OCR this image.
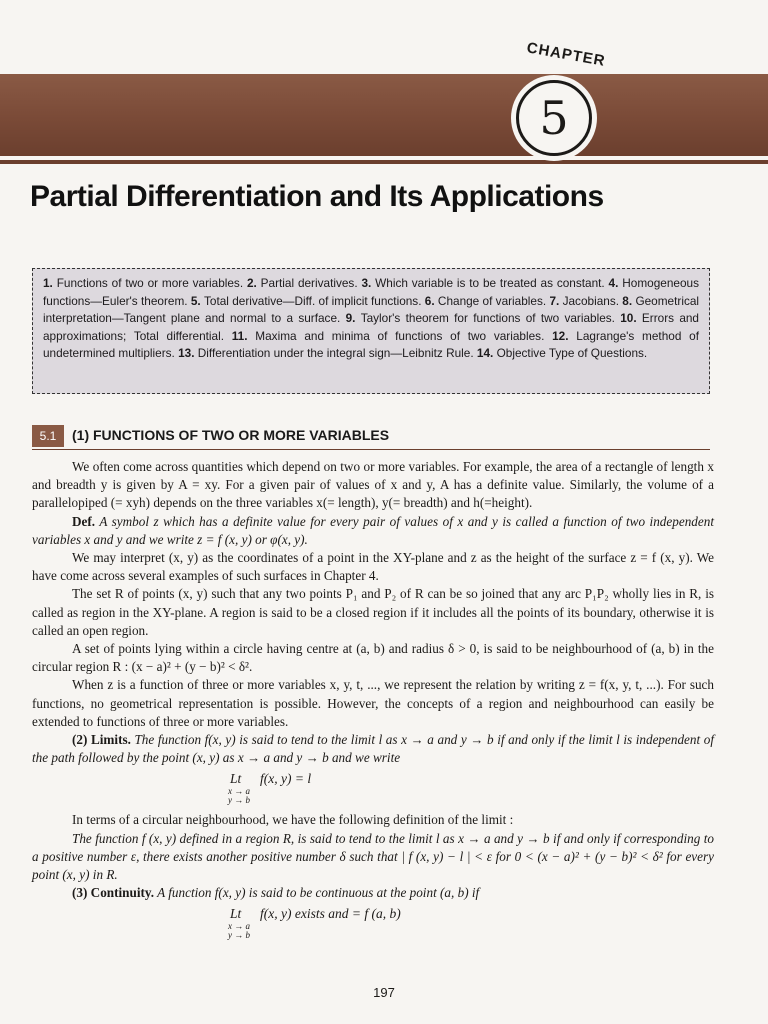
CHAPTER
5
Partial Differentiation and Its Applications
1. Functions of two or more variables. 2. Partial derivatives. 3. Which variable is to be treated as constant. 4. Homogeneous functions—Euler's theorem. 5. Total derivative—Diff. of implicit functions. 6. Change of variables. 7. Jacobians. 8. Geometrical interpretation—Tangent plane and normal to a surface. 9. Taylor's theorem for functions of two variables. 10. Errors and approximations; Total differential. 11. Maxima and minima of functions of two variables. 12. Lagrange's method of undetermined multipliers. 13. Differentiation under the integral sign—Leibnitz Rule. 14. Objective Type of Questions.
5.1	(1) FUNCTIONS OF TWO OR MORE VARIABLES

We often come across quantities which depend on two or more variables. For example, the area of a rectangle of length x and breadth y is given by A = xy. For a given pair of values of x and y, A has a definite value. Similarly, the volume of a parallelopiped (= xyh) depends on the three variables x(= length), y(= breadth) and h(=height).

Def. A symbol z which has a definite value for every pair of values of x and y is called a function of two independent variables x and y and we write z = f (x, y) or φ(x, y).

We may interpret (x, y) as the coordinates of a point in the XY-plane and z as the height of the surface z = f (x, y). We have come across several examples of such surfaces in Chapter 4.

The set R of points (x, y) such that any two points P₁ and P₂ of R can be so joined that any arc P₁P₂ wholly lies in R, is called as region in the XY-plane. A region is said to be a closed region if it includes all the points of its boundary, otherwise it is called an open region.

A set of points lying within a circle having centre at (a, b) and radius δ > 0, is said to be neighbourhood of (a, b) in the circular region R : (x − a)² + (y − b)² < δ².

When z is a function of three or more variables x, y, t, ..., we represent the relation by writing z = f(x, y, t, ...). For such functions, no geometrical representation is possible. However, the concepts of a region and neighbourhood can easily be extended to functions of three or more variables.

(2) Limits. The function f(x, y) is said to tend to the limit l as x → a and y → b if and only if the limit l is independent of the path followed by the point (x, y) as x → a and y → b and we write

Lt f(x, y) = l
x → a
y → b

In terms of a circular neighbourhood, we have the following definition of the limit :

The function f (x, y) defined in a region R, is said to tend to the limit l as x → a and y → b if and only if corresponding to a positive number ε, there exists another positive number δ such that | f (x, y) − l | < ε for 0 < (x − a)² + (y − b)² < δ² for every point (x, y) in R.

(3) Continuity. A function f(x, y) is said to be continuous at the point (a, b) if

Lt f(x, y) exists and = f (a, b)
x → a
y → b
197
